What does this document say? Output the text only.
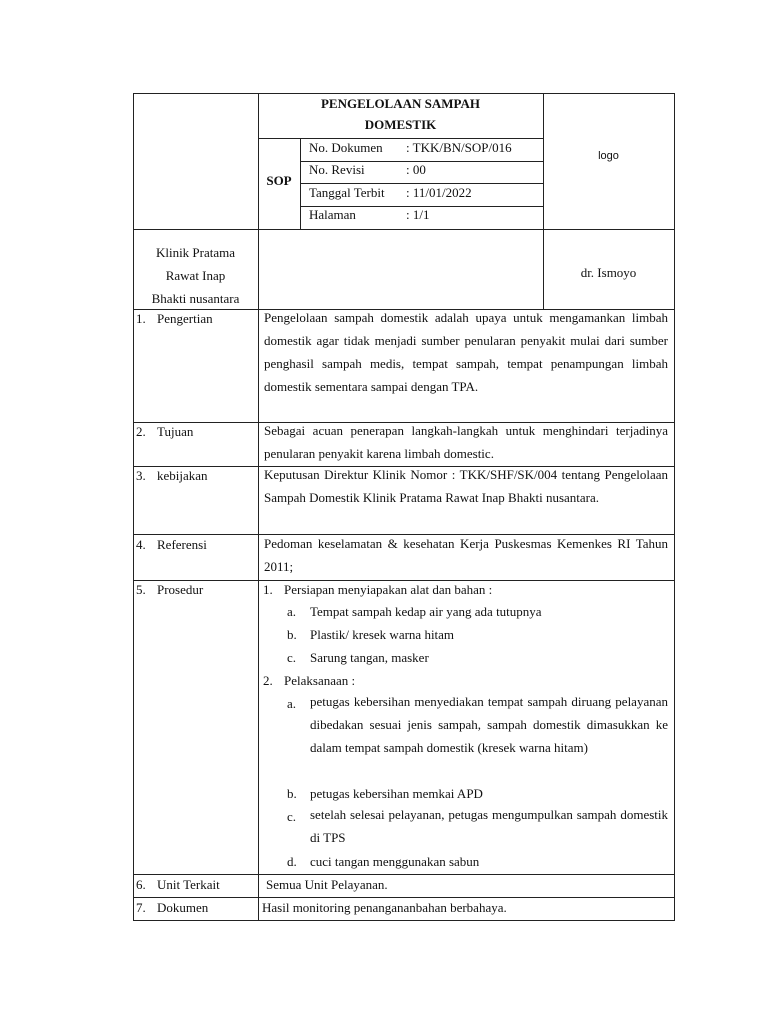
PENGELOLAAN SAMPAH
DOMESTIK
SOP
No. Dokumen : TKK/BN/SOP/016
No. Revisi	: 00
Tanggal Terbit : 11/01/2022
Halaman	: 1/1
logo
Klinik Pratama
Rawat Inap
Bhakti nusantara
dr. Ismoyo
1. Pengertian	Pengelolaan sampah domestik adalah upaya untuk mengamankan limbah domestik agar tidak menjadi sumber penularan penyakit mulai dari sumber penghasil sampah medis, tempat sampah, tempat penampungan limbah domestik sementara sampai dengan TPA.
2. Tujuan	Sebagai acuan penerapan langkah-langkah untuk menghindari terjadinya penularan penyakit karena limbah domestic.
3. kebijakan	Keputusan Direktur Klinik Nomor : TKK/SHF/SK/004 tentang Pengelolaan Sampah Domestik Klinik Pratama Rawat Inap Bhakti nusantara.
4. Referensi	Pedoman keselamatan & kesehatan Kerja Puskesmas Kemenkes RI Tahun 2011;
5. Prosedur	1. Persiapan menyiapakan alat dan bahan :
a. Tempat sampah kedap air yang ada tutupnya
b. Plastik/ kresek warna hitam
c. Sarung tangan, masker
2. Pelaksanaan :
a. petugas kebersihan menyediakan tempat sampah diruang pelayanan dibedakan sesuai jenis sampah, sampah domestik dimasukkan ke dalam tempat sampah domestik (kresek warna hitam)
b. petugas kebersihan memkai APD
c. setelah selesai pelayanan, petugas mengumpulkan sampah domestik di TPS
d. cuci tangan menggunakan sabun
6. Unit Terkait	Semua Unit Pelayanan.
7. Dokumen	Hasil monitoring penangananbahan berbahaya.
